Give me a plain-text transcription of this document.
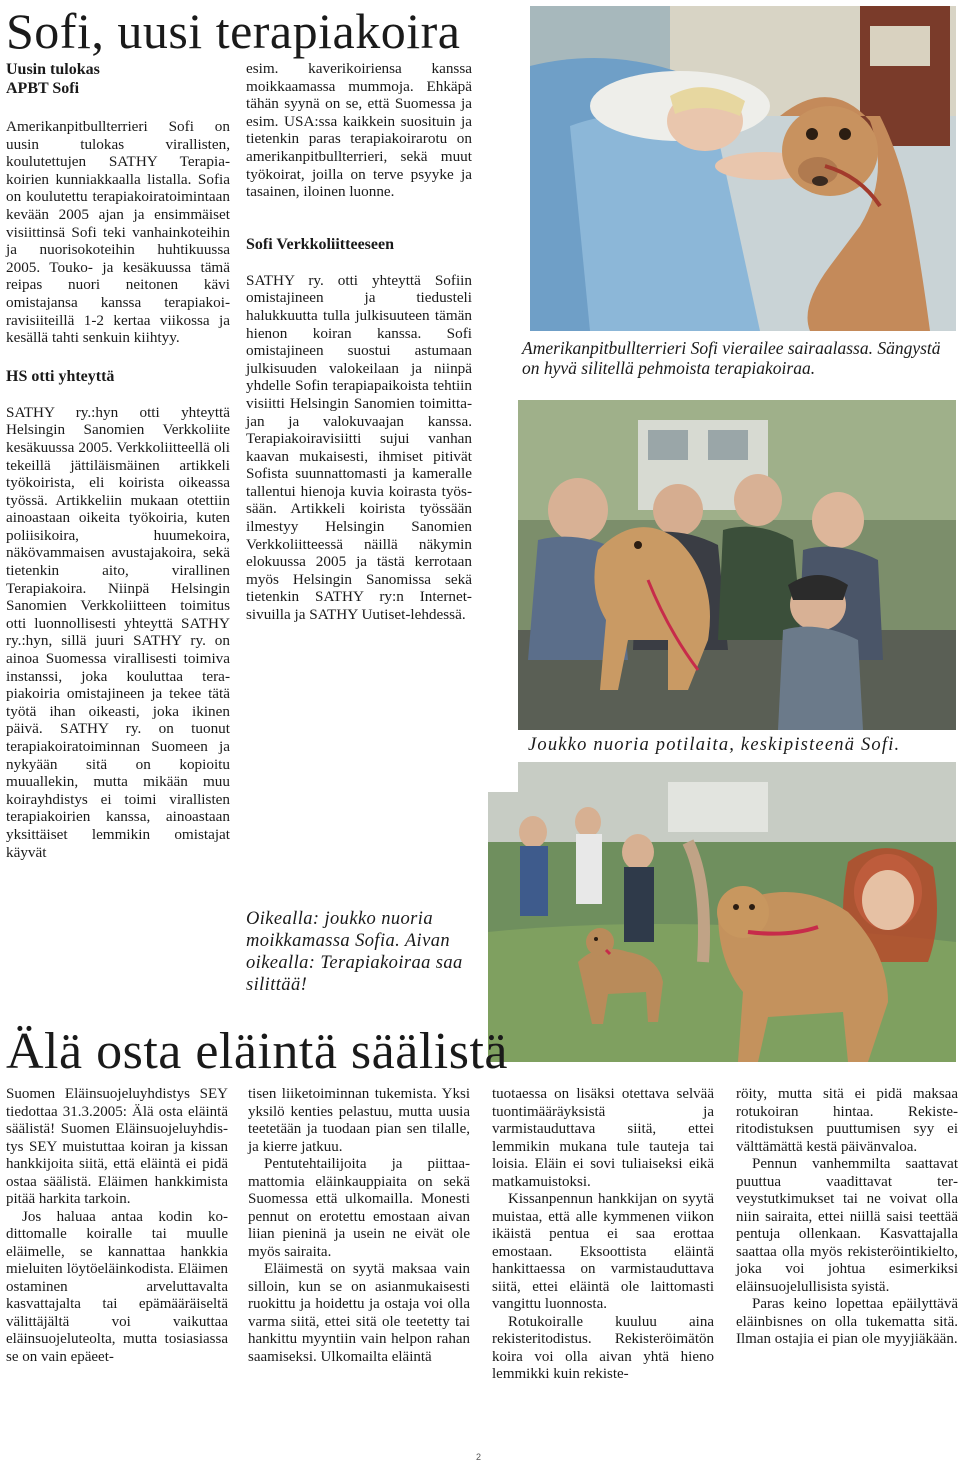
Sofi, uusi terapiakoira
Uusin tulokas
APBT Sofi

Amerikanpitbullterrieri Sofi on uusin tulokas virallisten, koulutettujen SATHY Terapiakoirien kunniakkaalla listalla. Sofia on koulutettu terapiakoiratoimintaan kevään 2005 ajan ja ensimmäiset visiittinsä Sofi teki vanhainkoteihin ja nuorisokoteihin huhtikuussa 2005. Touko- ja kesäkuussa tämä reipas nuori neitonen kävi omistajansa kanssa terapiakoiravisiiteillä 1-2 kertaa viikossa ja kesällä tahti senkuin kiihtyy.

HS otti yhteyttä

SATHY ry.:hyn otti yhteyttä Helsingin Sanomien Verkkoliite kesäkuussa 2005. Verkkoliitteellä oli tekeillä jättiläismäinen artikkeli työkoirista, eli koirista oikeassa työssä. Artikkeliin mukaan otettiin ainoastaan oikeita työkoiria, kuten poliisikoira, huumekoira, näkövammaisen avustajakoira, sekä tietenkin aito, virallinen Terapiakoira. Niinpä Helsingin Sanomien Verkkoliitteen toimitus otti luonnollisesti yhteyttä SATHY ry.:hyn, sillä juuri SATHY ry. on ainoa Suomessa virallisesti toimiva instanssi, joka kouluttaa terapiakoiria omistajineen ja tekee tätä työtä ihan oikeasti, joka ikinen päivä. SATHY ry. on tuonut terapiakoiratoiminnan Suomeen ja nykyään sitä on kopioitu muuallekin, mutta mikään muu koirayhdistys ei toimi virallisten terapiakoirien kanssa, ainoastaan yksittäiset lemmikin omistajat käyvät

esim. kaverikoiriensa kanssa moikkaamassa mummoja. Ehkäpä tähän syynä on se, että Suomessa ja esim. USA:ssa kaikkein suosituin ja tietenkin paras terapiakoirarotu on amerikanpitbullterrieri, sekä muut työkoirat, joilla on terve psyyke ja tasainen, iloinen luonne.

Sofi Verkkoliitteeseen

SATHY ry. otti yhteyttä Sofiin omistajineen ja tiedusteli halukkuutta tulla julkisuuteen tämän hienon koiran kanssa. Sofi omistajineen suostui astumaan julkisuuden valokeilaan ja niinpä yhdelle Sofin terapiapaikoista tehtiin visiitti Helsingin Sanomien toimittajan ja valokuvaajan kanssa. Terapiakoiravisiitti sujui vanhan kaavan mukaisesti, ihmiset pitivät Sofista suunnattomasti ja kameralle tallentui hienoja kuvia koirasta työssään. Artikkeli koirista työssään ilmestyy Helsingin Sanomien Verkkoliitteessä näillä näkymin elokuussa 2005 ja tästä kerrotaan myös Helsingin Sanomissa sekä tietenkin SATHY ry:n Internet-sivuilla ja SATHY Uutiset-lehdessä.

Oikealla: joukko nuoria moikkamassa Sofia. Aivan oikealla: Terapiakoiraa saa silittää!
Amerikanpitbullterrieri Sofi vierailee sairaalassa. Sängystä on hyvä silitellä pehmoista terapiakoiraa.
Joukko nuoria potilaita, keskipisteenä Sofi.
Älä osta eläintä säälistä

Suomen Eläinsuojeluyhdistys SEY tiedottaa 31.3.2005: Älä osta eläintä säälistä! Suomen Eläinsuojeluyhdistys SEY muistuttaa koiran ja kissan hankkijoita siitä, että eläintä ei pidä ostaa säälistä. Eläimen hankkimista pitää harkita tarkoin.

Jos haluaa antaa kodin kodittomalle koiralle tai muulle eläimelle, se kannattaa hankkia mieluiten löytöeläinkodista. Eläimen ostaminen arveluttavalta kasvattajalta tai epämääräiseltä välittäjältä voi vaikuttaa eläinsuojeluteolta, mutta tosiasiassa se on vain epäeet-

tisen liiketoiminnan tukemista. Yksi yksilö kenties pelastuu, mutta uusia teetetään ja tuodaan pian sen tilalle, ja kierre jatkuu.

Pentutehtailijoita ja piittaamattomia eläinkauppiaita on sekä Suomessa että ulkomailla. Monesti pennut on erotettu emostaan aivan liian pieninä ja usein ne eivät ole myös sairaita.

Eläimestä on syytä maksaa vain silloin, kun se on asianmukaisesti ruokittu ja hoidettu ja ostaja voi olla varma siitä, ettei sitä ole teetetty tai hankittu myyntiin vain helpon rahan saamiseksi. Ulkomailta eläintä

tuotaessa on lisäksi otettava selvää tuontimääräyksistä ja varmistauduttava siitä, ettei lemmikin mukana tule tauteja tai loisia. Eläin ei sovi tuliaiseksi eikä matkamuistoksi.

Kissanpennun hankkijan on syytä muistaa, että alle kymmenen viikon ikäistä pentua ei saa erottaa emostaan. Eksoottista eläintä hankittaessa on varmistauduttava siitä, ettei eläintä ole laittomasti vangittu luonnosta.

Rotukoiralle kuuluu aina rekisteritodistus. Rekisteröimätön koira voi olla aivan yhtä hieno lemmikki kuin rekiste-

röity, mutta sitä ei pidä maksaa rotukoiran hintaa. Rekisteritodistuksen puuttumisen syy ei välttämättä kestä päivänvaloa.

Pennun vanhemmilta saattavat puuttua vaadittavat terveystutkimukset tai ne voivat olla niin sairaita, ettei niillä saisi teettää pentuja ollenkaan. Kasvattajalla saattaa olla myös rekisteröintikielto, joka voi johtua esimerkiksi eläinsuojelullisista syistä.

Paras keino lopettaa epäilyttävä eläinbisnes on olla tukematta sitä. Ilman ostajia ei pian ole myyjiäkään.

2
